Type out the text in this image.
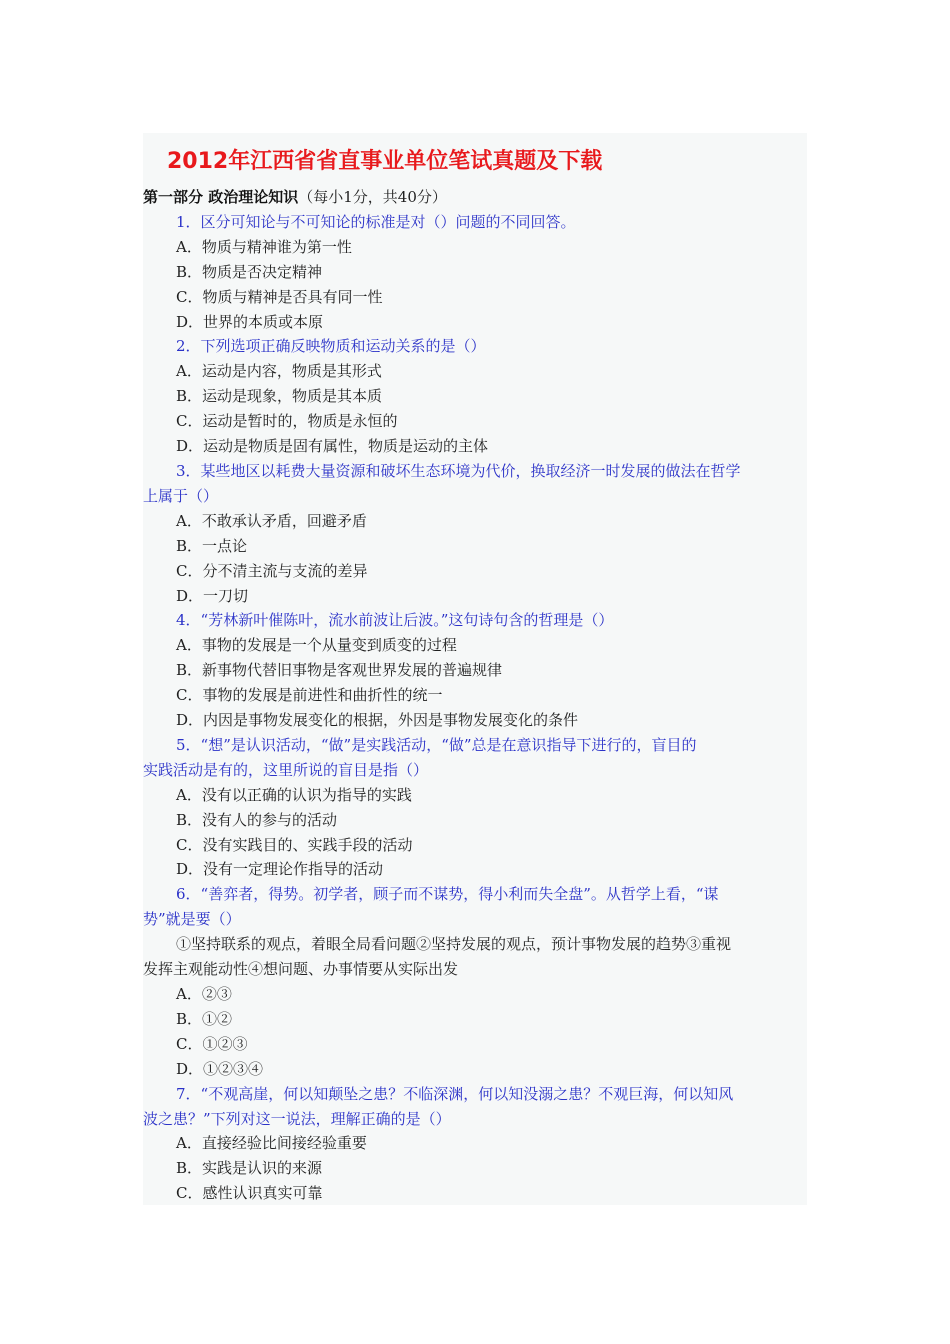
2012年江西省省直事业单位笔试真题及下载
第一部分 政治理论知识（每小1分，共40分）
1．区分可知论与不可知论的标准是对（）问题的不同回答。
A．物质与精神谁为第一性
B．物质是否决定精神
C．物质与精神是否具有同一性
D．世界的本质或本原
2．下列选项正确反映物质和运动关系的是（）
A．运动是内容，物质是其形式
B．运动是现象，物质是其本质
C．运动是暂时的，物质是永恒的
D．运动是物质是固有属性，物质是运动的主体
3．某些地区以耗费大量资源和破坏生态环境为代价，换取经济一时发展的做法在哲学
上属于（）
A．不敢承认矛盾，回避矛盾
B．一点论
C．分不清主流与支流的差异
D．一刀切
4．“芳林新叶催陈叶，流水前波让后波。”这句诗句含的哲理是（）
A．事物的发展是一个从量变到质变的过程
B．新事物代替旧事物是客观世界发展的普遍规律
C．事物的发展是前进性和曲折性的统一
D．内因是事物发展变化的根据，外因是事物发展变化的条件
5．“想”是认识活动，“做”是实践活动，“做”总是在意识指导下进行的，盲目的
实践活动是有的，这里所说的盲目是指（）
A．没有以正确的认识为指导的实践
B．没有人的参与的活动
C．没有实践目的、实践手段的活动
D．没有一定理论作指导的活动
6．“善弈者，得势。初学者，顾子而不谋势，得小利而失全盘”。从哲学上看，“谋
势”就是要（）
①坚持联系的观点，着眼全局看问题②坚持发展的观点，预计事物发展的趋势③重视
发挥主观能动性④想问题、办事情要从实际出发
A．②③
B．①②
C．①②③
D．①②③④
7．“不观高崖，何以知颠坠之患？不临深渊，何以知没溺之患？不观巨海，何以知风
波之患？”下列对这一说法，理解正确的是（）
A．直接经验比间接经验重要
B．实践是认识的来源
C．感性认识真实可靠
